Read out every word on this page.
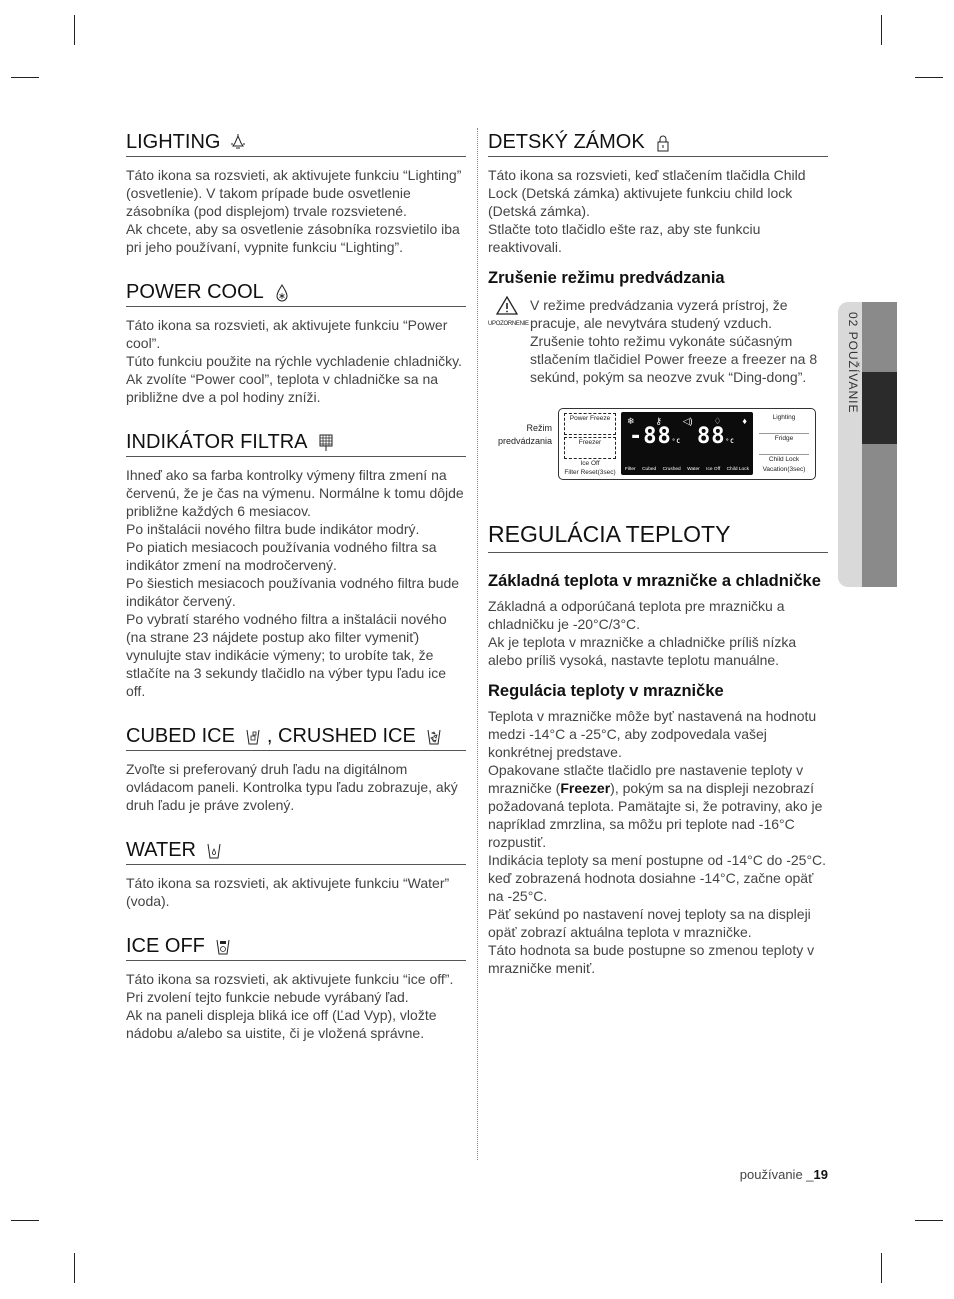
02 POUŽÍVANIE
LIGHTING

Táto ikona sa rozsvieti, ak aktivujete funkciu “Lighting” (osvetlenie). V takom prípade bude osvetlenie zásobníka (pod displejom) trvale rozsvietené.

Ak chcete, aby sa osvetlenie zásobníka rozsvietilo iba pri jeho používaní, vypnite funkciu “Lighting”.

POWER COOL

Táto ikona sa rozsvieti, ak aktivujete funkciu “Power cool”.

Túto funkciu použite na rýchle vychladenie chladničky. Ak zvolíte “Power cool”, teplota v chladničke sa na približne dve a pol hodiny zníži.

INDIKÁTOR FILTRA

Ihneď ako sa farba kontrolky výmeny filtra zmení na červenú, že je čas na výmenu. Normálne k tomu dôjde približne každých 6 mesiacov.

Po inštalácii nového filtra bude indikátor modrý.

Po piatich mesiacoch používania vodného filtra sa indikátor zmení na modročervený.

Po šiestich mesiacoch používania vodného filtra bude indikátor červený.

Po vybratí starého vodného filtra a inštalácii nového (na strane 23 nájdete postup ako filter vymeniť) vynulujte stav indikácie výmeny; to urobíte tak, že stlačíte na 3 sekundy tlačidlo na výber typu ľadu ice off.

CUBED ICE , CRUSHED ICE

Zvoľte si preferovaný druh ľadu na digitálnom ovládacom paneli. Kontrolka typu ľadu zobrazuje, aký druh ľadu je práve zvolený.

WATER

Táto ikona sa rozsvieti, ak aktivujete funkciu “Water” (voda).

ICE OFF

Táto ikona sa rozsvieti, ak aktivujete funkciu “ice off”. Pri zvolení tejto funkcie nebude vyrábaný ľad.

Ak na paneli displeja bliká ice off (Ľad Vyp), vložte nádobu a/alebo sa uistite, či je vložená správne.

DETSKÝ ZÁMOK

Táto ikona sa rozsvieti, keď stlačením tlačidla Child Lock (Detská zámka) aktivujete funkciu child lock (Detská zámka).

Stlačte toto tlačidlo ešte raz, aby ste funkciu reaktivovali.

Zrušenie režimu predvádzania
UPOZORNENIE

V režime predvádzania vyzerá prístroj, že pracuje, ale nevytvára studený vzduch.

Zrušenie tohto režimu vykonáte súčasným stlačením tlačidiel Power freeze a freezer na 8 sekúnd, pokým sa neozve zvuk “Ding-dong”.

Režim
predvádzania
Power Freeze
Freezer
Ice Off
Filter Reset(3sec)
❄ ⚷ ◁) ♢ ♦
-88°C 88°C
Filter Cubed Crushed Water Ice Off Child Lock
Lighting
Fridge
Child Lock
Vacation(3sec)
REGULÁCIA TEPLOTY
Základná teplota v mrazničke a chladničke

Základná a odporúčaná teplota pre mrazničku a chladničku je -20°C/3°C.

Ak je teplota v mrazničke a chladničke príliš nízka alebo príliš vysoká, nastavte teplotu manuálne.

Regulácia teploty v mrazničke

Teplota v mrazničke môže byť nastavená na hodnotu medzi -14°C a -25°C, aby zodpovedala vašej konkrétnej predstave.

Opakovane stlačte tlačidlo pre nastavenie teploty v mrazničke (Freezer), pokým sa na displeji nezobrazí požadovaná teplota. Pamätajte si, že potraviny, ako je napríklad zmrzlina, sa môžu pri teplote nad -16°C rozpustiť.

Indikácia teploty sa mení postupne od -14°C do -25°C. keď zobrazená hodnota dosiahne -14°C, začne opäť na -25°C.

Päť sekúnd po nastavení novej teploty sa na displeji opäť zobrazí aktuálna teplota v mrazničke.

Táto hodnota sa bude postupne so zmenou teploty v mrazničke meniť.

používanie _19
